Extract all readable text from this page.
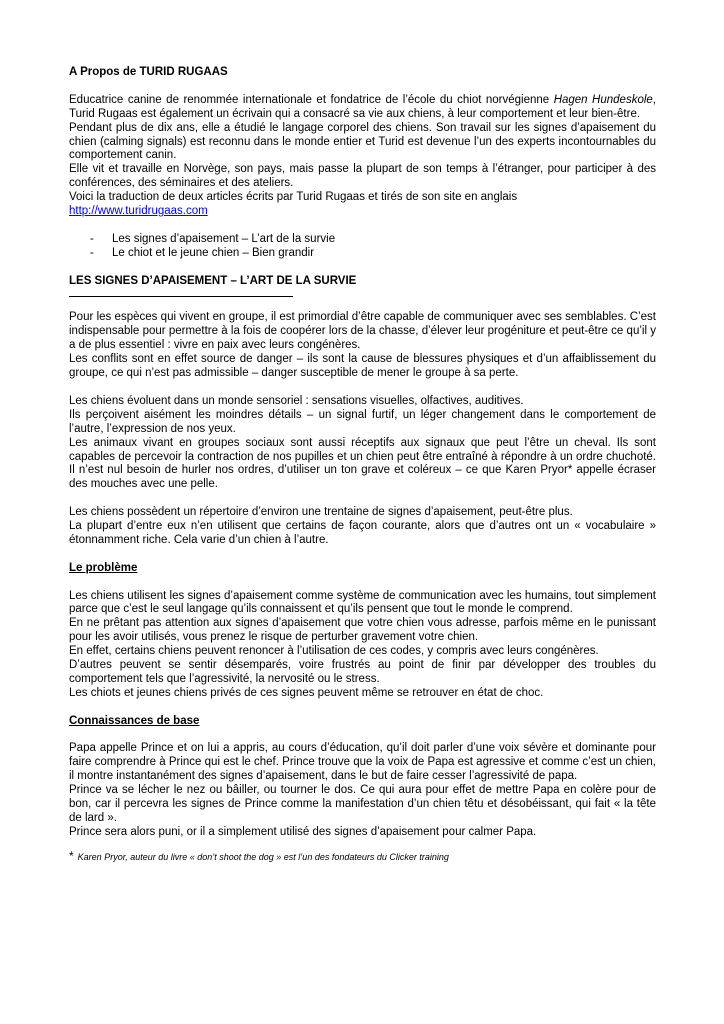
A Propos de TURID RUGAAS

Educatrice canine de renommée internationale et fondatrice de l’école du chiot norvégienne Hagen Hundeskole, Turid Rugaas est également un écrivain qui a consacré sa vie aux chiens, à leur comportement et leur bien-être.

Pendant plus de dix ans, elle a étudié le langage corporel des chiens. Son travail sur les signes d’apaisement du chien (calming signals) est reconnu dans le monde entier et Turid est devenue l’un des experts incontournables du comportement canin.

Elle vit et travaille en Norvège, son pays, mais passe la plupart de son temps à l’étranger, pour participer à des conférences, des séminaires et des ateliers.

Voici la traduction de deux articles écrits par Turid Rugaas et tirés de son site en anglais

http://www.turidrugaas.com

- Les signes d’apaisement – L’art de la survie
- Le chiot et le jeune chien – Bien grandir

LES SIGNES D’APAISEMENT – L’ART DE LA SURVIE

Pour les espèces qui vivent en groupe, il est primordial d’être capable de communiquer avec ses semblables. C’est indispensable pour permettre à la fois de coopérer lors de la chasse, d’élever leur progéniture et peut-être ce qu’il y a de plus essentiel : vivre en paix avec leurs congénères.

Les conflits sont en effet source de danger – ils sont la cause de blessures physiques et d’un affaiblissement du groupe, ce qui n’est pas admissible – danger susceptible de mener le groupe à sa perte.

Les chiens évoluent dans un monde sensoriel : sensations visuelles, olfactives, auditives.

Ils perçoivent aisément les moindres détails – un signal furtif, un léger changement dans le comportement de l’autre, l’expression de nos yeux.

Les animaux vivant en groupes sociaux sont aussi réceptifs aux signaux que peut l’être un cheval. Ils sont capables de percevoir la contraction de nos pupilles et un chien peut être entraîné à répondre à un ordre chuchoté. Il n’est nul besoin de hurler nos ordres, d’utiliser un ton grave et coléreux – ce que Karen Pryor* appelle écraser des mouches avec une pelle.

Les chiens possèdent un répertoire d’environ une trentaine de signes d’apaisement, peut-être plus.

La plupart d’entre eux n’en utilisent que certains de façon courante, alors que d’autres ont un « vocabulaire » étonnamment riche. Cela varie d’un chien à l’autre.

Le problème

Les chiens utilisent les signes d’apaisement comme système de communication avec les humains, tout simplement parce que c’est le seul langage qu’ils connaissent et qu’ils pensent que tout le monde le comprend.

En ne prêtant pas attention aux signes d’apaisement que votre chien vous adresse, parfois même en le punissant pour les avoir utilisés, vous prenez le risque de perturber gravement votre chien.

En effet, certains chiens peuvent renoncer à l’utilisation de ces codes, y compris avec leurs congénères.

D’autres peuvent se sentir désemparés, voire frustrés au point de finir par développer des troubles du comportement tels que l’agressivité, la nervosité ou le stress.

Les chiots et jeunes chiens privés de ces signes peuvent même se retrouver en état de choc.

Connaissances de base

Papa appelle Prince et on lui a appris, au cours d’éducation, qu’il doit parler d’une voix sévère et dominante pour faire comprendre à Prince qui est le chef. Prince trouve que la voix de Papa est agressive et comme c’est un chien, il montre instantanément des signes d’apaisement, dans le but de faire cesser l’agressivité de papa.

Prince va se lécher le nez ou bâiller, ou tourner le dos. Ce qui aura pour effet de mettre Papa en colère pour de bon, car il percevra les signes de Prince comme la manifestation d’un chien têtu et désobéissant, qui fait « la tête de lard ».

Prince sera alors puni, or il a simplement utilisé des signes d’apaisement pour calmer Papa.

* Karen Pryor, auteur du livre « don’t shoot the dog » est l’un des fondateurs du Clicker training
